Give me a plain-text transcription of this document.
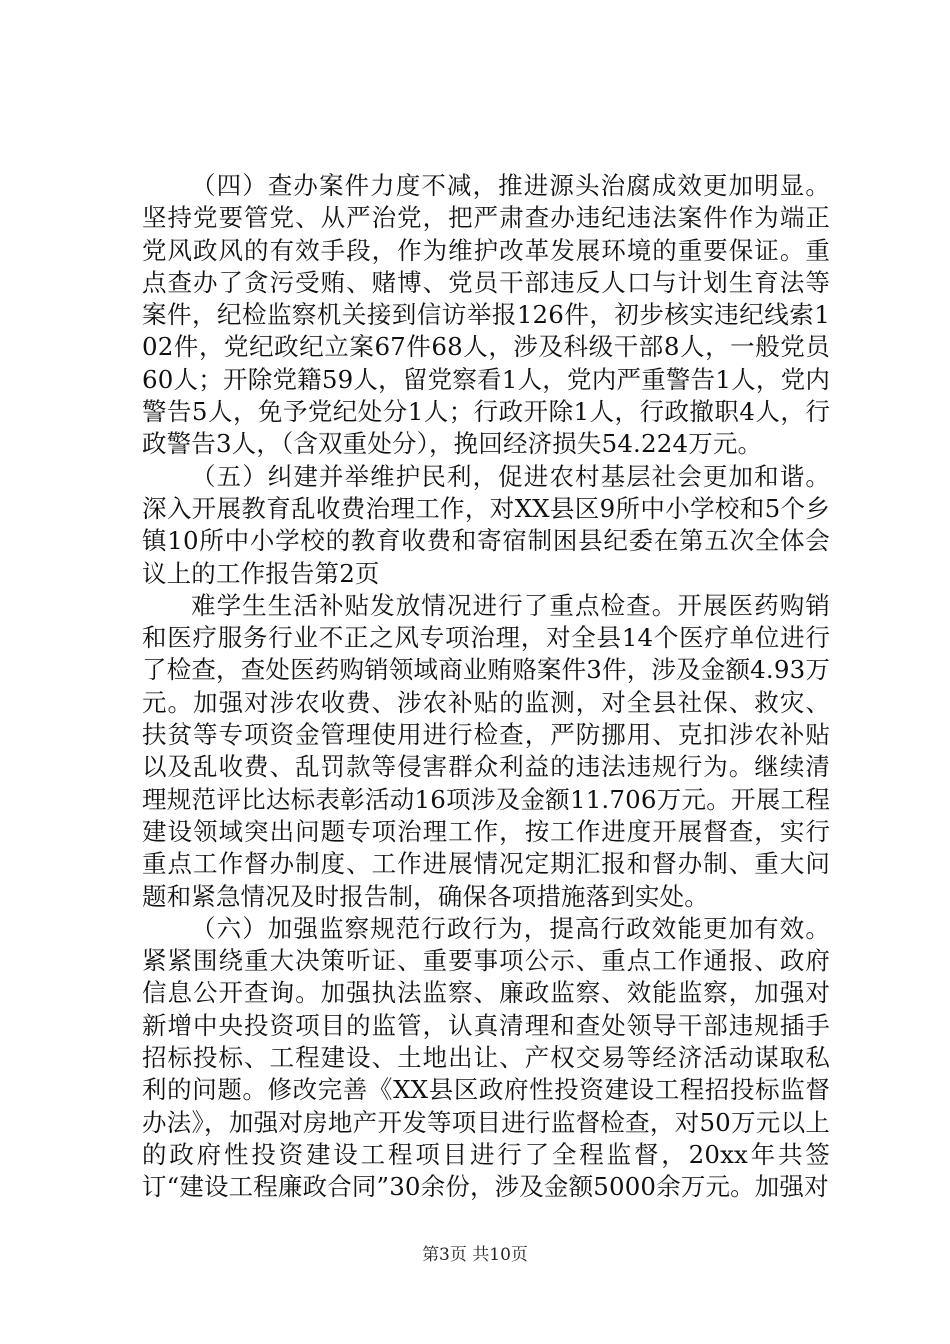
（四）查办案件力度不减，推进源头治腐成效更加明显。坚持党要管党、从严治党，把严肃查办违纪违法案件作为端正党风政风的有效手段，作为维护改革发展环境的重要保证。重点查办了贪污受贿、赌博、党员干部违反人口与计划生育法等案件，纪检监察机关接到信访举报126件，初步核实违纪线索102件，党纪政纪立案67件68人，涉及科级干部8人，一般党员60人；开除党籍59人，留党察看1人，党内严重警告1人，党内警告5人，免予党纪处分1人；行政开除1人，行政撤职4人，行政警告3人，（含双重处分），挽回经济损失54.224万元。

（五）纠建并举维护民利，促进农村基层社会更加和谐。深入开展教育乱收费治理工作，对XX县区9所中小学校和5个乡镇10所中小学校的教育收费和寄宿制困县纪委在第五次全体会议上的工作报告第2页

难学生生活补贴发放情况进行了重点检查。开展医药购销和医疗服务行业不正之风专项治理，对全县14个医疗单位进行了检查，查处医药购销领域商业贿赂案件3件，涉及金额4.93万元。加强对涉农收费、涉农补贴的监测，对全县社保、救灾、扶贫等专项资金管理使用进行检查，严防挪用、克扣涉农补贴以及乱收费、乱罚款等侵害群众利益的违法违规行为。继续清理规范评比达标表彰活动16项涉及金额11.706万元。开展工程建设领域突出问题专项治理工作，按工作进度开展督查，实行重点工作督办制度、工作进展情况定期汇报和督办制、重大问题和紧急情况及时报告制，确保各项措施落到实处。

（六）加强监察规范行政行为，提高行政效能更加有效。紧紧围绕重大决策听证、重要事项公示、重点工作通报、政府信息公开查询。加强执法监察、廉政监察、效能监察，加强对新增中央投资项目的监管，认真清理和查处领导干部违规插手招标投标、工程建设、土地出让、产权交易等经济活动谋取私利的问题。修改完善《XX县区政府性投资建设工程招投标监督办法》，加强对房地产开发等项目进行监督检查，对50万元以上的政府性投资建设工程项目进行了全程监督，20xx年共签订“建设工程廉政合同”30余份，涉及金额5000余万元。加强对

第3页 共10页
